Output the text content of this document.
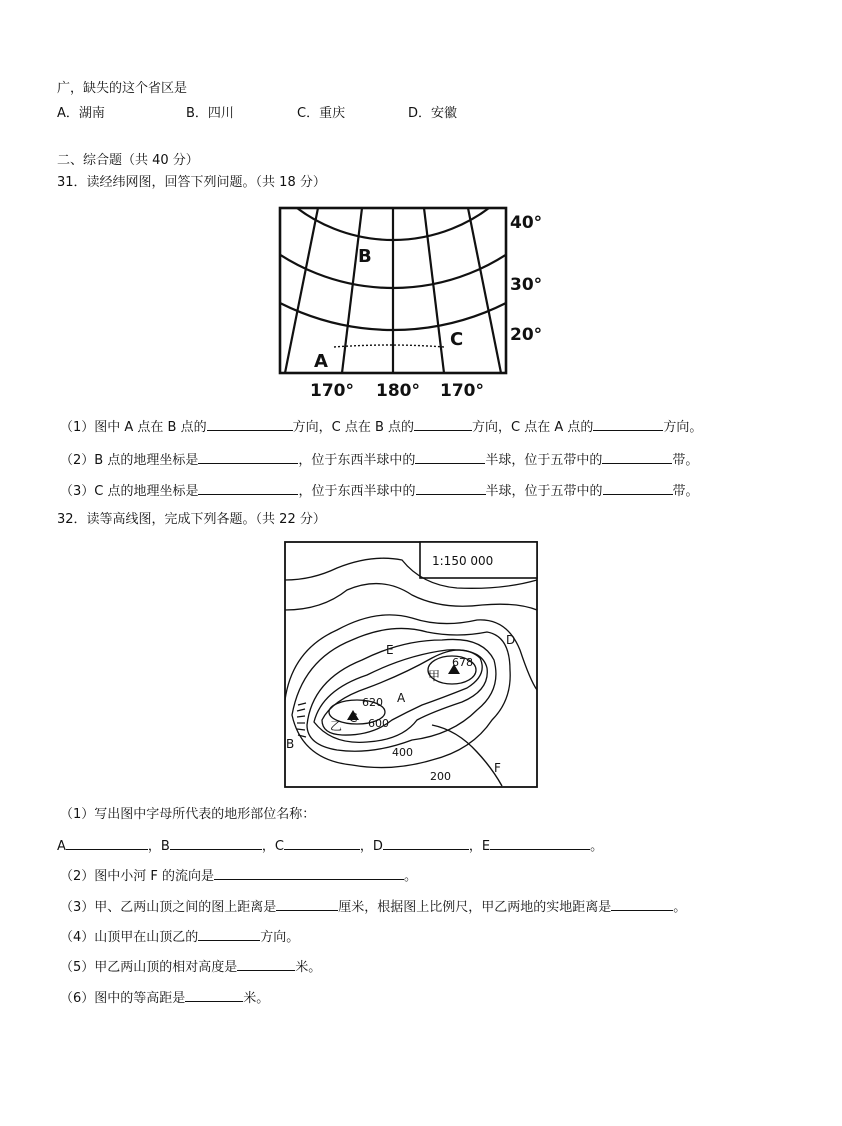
广，缺失的这个省区是
A．湖南	B．四川	C．重庆	D．安徽
二、综合题（共 40 分）
31．读经纬网图，回答下列问题。（共 18 分）
40°
30°
20°
170° 180° 170°
A
B
C
（1）图中 A 点在 B 点的	方向，C 点在 B 点的	方向，C 点在 A 点的	方向。
（2）B 点的地理坐标是	，位于东西半球中的	半球，位于五带中的	带。
（3）C 点的地理坐标是	，位于东西半球中的	半球，位于五带中的	带。
32．读等高线图，完成下列各题。（共 22 分）
1:150 000
甲
678
乙
620
600
400
200
A
B
C
D
E
F
（1）写出图中字母所代表的地形部位名称：
A	，B	，C	，D	，E	。
（2）图中小河 F 的流向是	。
（3）甲、乙两山顶之间的图上距离是	厘米，根据图上比例尺，甲乙两地的实地距离是	。
（4）山顶甲在山顶乙的	方向。
（5）甲乙两山顶的相对高度是	米。
（6）图中的等高距是	米。
